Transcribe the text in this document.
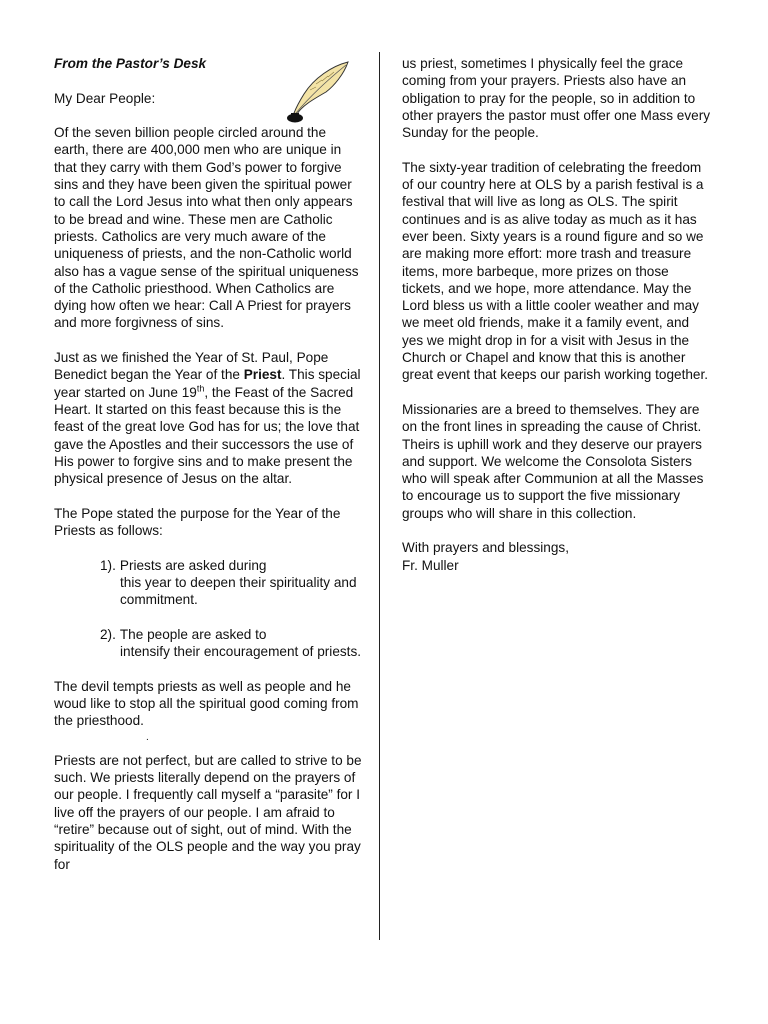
From the Pastor’s Desk

My Dear People:

Of the seven billion people circled around the earth, there are 400,000 men who are unique in that they carry with them God’s power to forgive sins and they have been given the spiritual power to call the Lord Jesus into what then only appears to be bread and wine. These men are Catholic priests. Catholics are very much aware of the uniqueness of priests, and the non-Catholic world also has a vague sense of the spiritual uniqueness of the Catholic priesthood. When Catholics are dying how often we hear: Call A Priest for prayers and more forgivness of sins.

Just as we finished the Year of St. Paul, Pope Benedict began the Year of the Priest. This special year started on June 19th, the Feast of the Sacred Heart. It started on this feast because this is the feast of the great love God has for us; the love that gave the Apostles and their successors the use of His power to forgive sins and to make present the physical presence of Jesus on the altar.

The Pope stated the purpose for the Year of the Priests as follows:

1). Priests are asked during
this year to deepen their spirituality and commitment.
2). The people are asked to
intensify their encouragement of priests.

The devil tempts priests as well as people and he woud like to stop all the spiritual good coming from the priesthood.

.

Priests are not perfect, but are called to strive to be such. We priests literally depend on the prayers of our people. I frequently call myself a “parasite” for I live off the prayers of our people. I am afraid to “retire” because out of sight, out of mind. With the spirituality of the OLS people and the way you pray for

us priest, sometimes I physically feel the grace coming from your prayers. Priests also have an obligation to pray for the people, so in addition to other prayers the pastor must offer one Mass every Sunday for the people.

The sixty-year tradition of celebrating the freedom of our country here at OLS by a parish festival is a festival that will live as long as OLS. The spirit continues and is as alive today as much as it has ever been. Sixty years is a round figure and so we are making more effort: more trash and treasure items, more barbeque, more prizes on those tickets, and we hope, more attendance. May the Lord bless us with a little cooler weather and may we meet old friends, make it a family event, and yes we might drop in for a visit with Jesus in the Church or Chapel and know that this is another great event that keeps our parish working together.

Missionaries are a breed to themselves. They are on the front lines in spreading the cause of Christ. Theirs is uphill work and they deserve our prayers and support. We welcome the Consolota Sisters who will speak after Communion at all the Masses to encourage us to support the five missionary groups who will share in this collection.

With prayers and blessings,

Fr. Muller
